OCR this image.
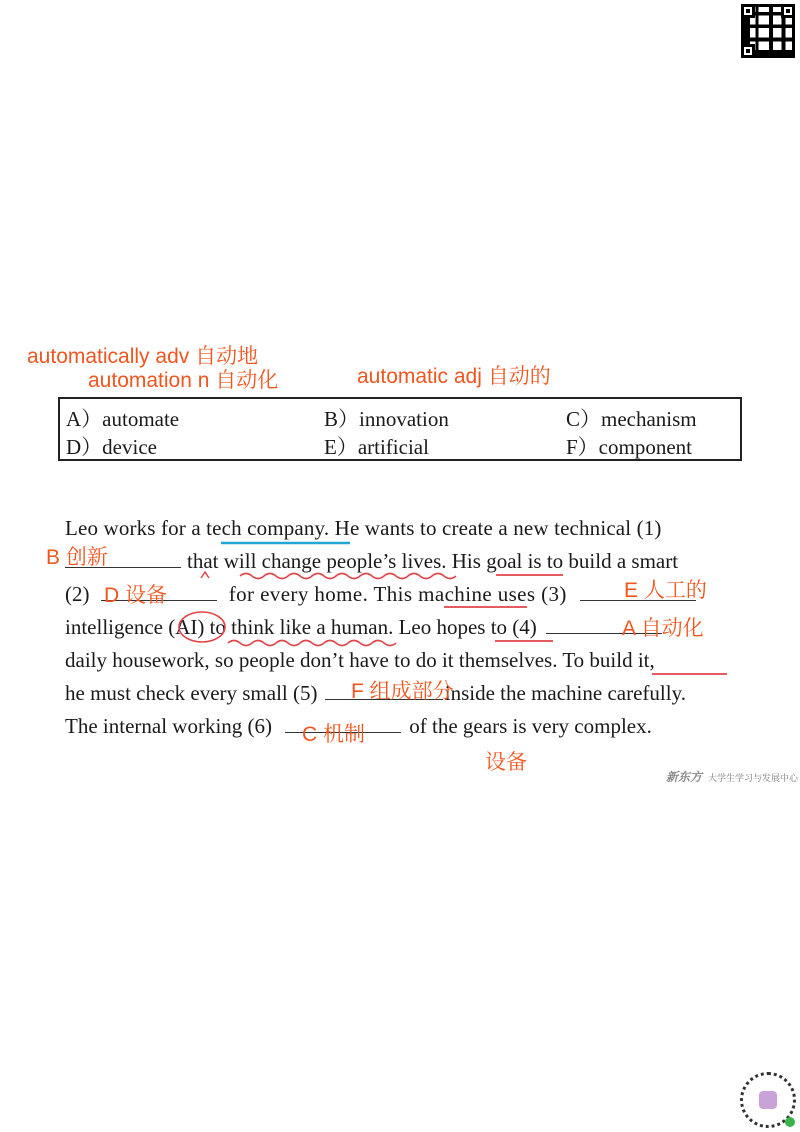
automatically adv 自动地
automation n 自动化	automatic adj 自动的
A）automate	B）innovation	C）mechanism
D）device	E）artificial	F）component
Leo works for a tech company. He wants to create a new technical (1)
that will change people’s lives. His goal is to build a smart
(2)	for every home. This machine uses (3)
intelligence (AI) to think like a human. Leo hopes to (4)
daily housework, so people don’t have to do it themselves. To build it,
he must check every small (5)	inside the machine carefully.
The internal working (6)	of the gears is very complex.
B 创新
D 设备	E 人工的
A 自动化
F 组成部分
C 机制
设备
新东方 大学生学习与发展中心
